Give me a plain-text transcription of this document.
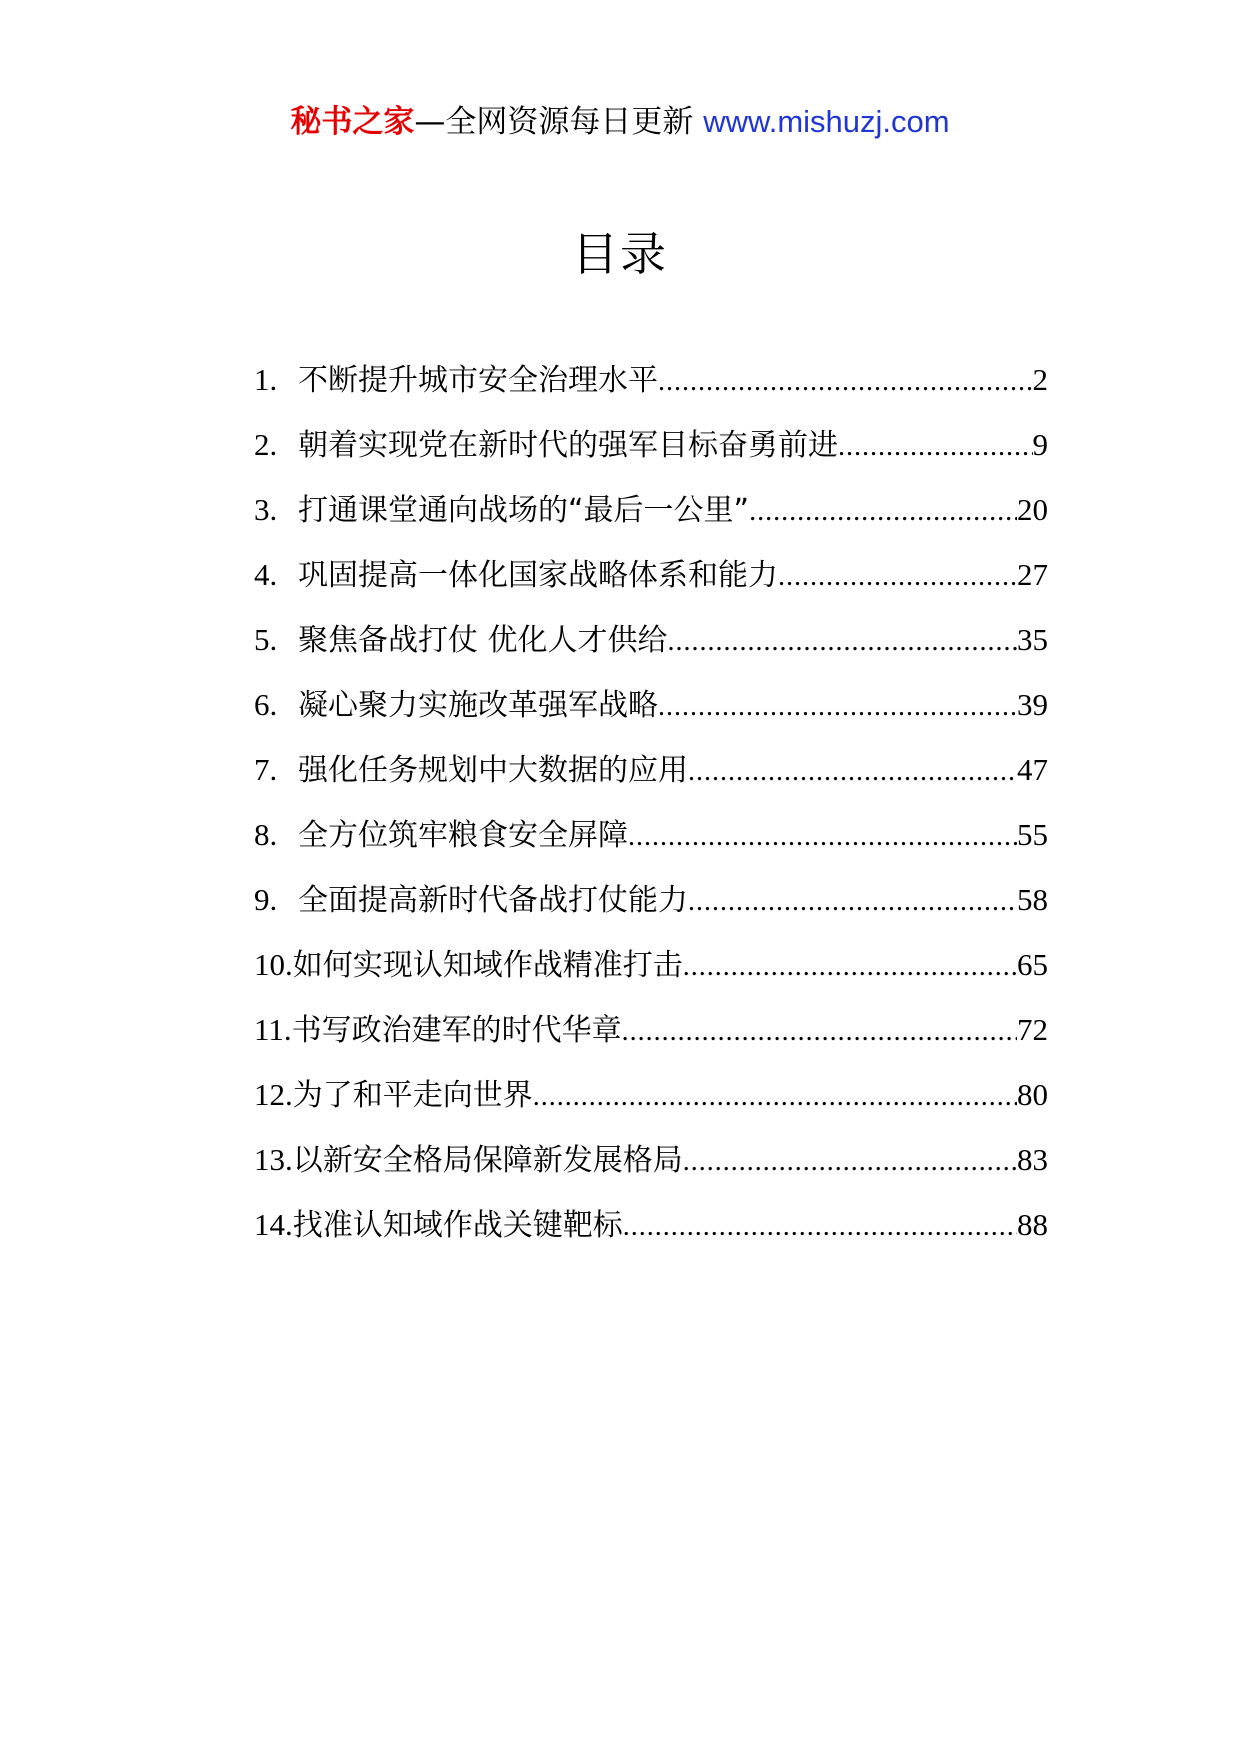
秘书之家—全网资源每日更新 www.mishuzj.com
目录
1. 不断提升城市安全治理水平 .....	2
2. 朝着实现党在新时代的强军目标奋勇前进 .....	9
3. 打通课堂通向战场的“最后一公里” .....	20
4. 巩固提高一体化国家战略体系和能力 .....	27
5. 聚焦备战打仗 优化人才供给 .....	35
6. 凝心聚力实施改革强军战略 .....	39
7. 强化任务规划中大数据的应用 .....	47
8. 全方位筑牢粮食安全屏障 .....	55
9. 全面提高新时代备战打仗能力 .....	58
10. 如何实现认知域作战精准打击 .....	65
11. 书写政治建军的时代华章 .....	72
12. 为了和平走向世界 .....	80
13. 以新安全格局保障新发展格局 .....	83
14. 找准认知域作战关键靶标 .....	88
